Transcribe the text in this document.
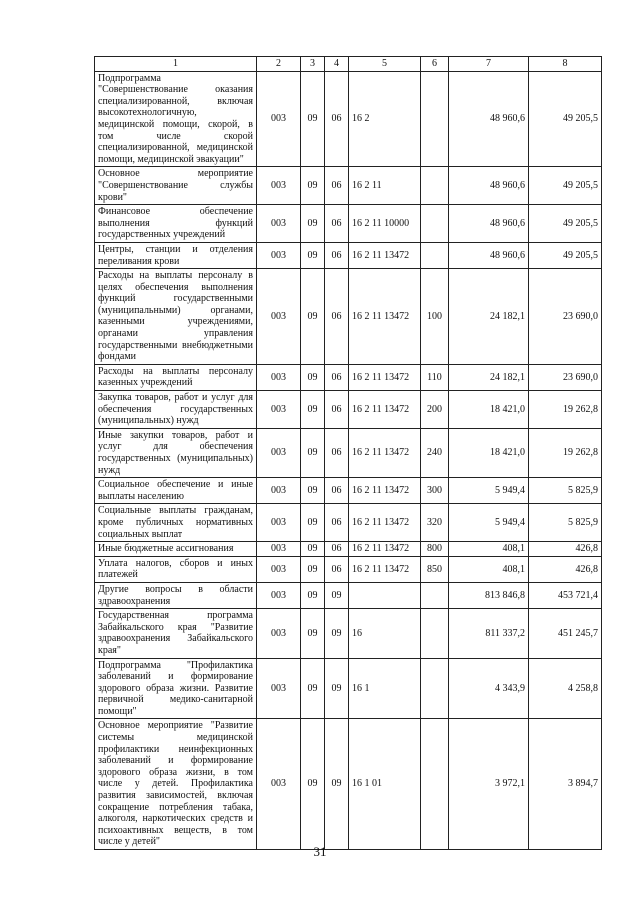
1	2	3	4	5	6	7	8
Подпрограмма "Совершенствование оказания специализированной, включая высокотехнологичную, медицинской помощи, скорой, в том числе скорой специализированной, медицинской помощи, медицинской эвакуации"	003	09	06	16 2		48 960,6	49 205,5
Основное мероприятие "Совершенствование службы крови"	003	09	06	16 2 11		48 960,6	49 205,5
Финансовое обеспечение выполнения функций государственных учреждений	003	09	06	16 2 11 10000		48 960,6	49 205,5
Центры, станции и отделения переливания крови	003	09	06	16 2 11 13472		48 960,6	49 205,5
Расходы на выплаты персоналу в целях обеспечения выполнения функций государственными (муниципальными) органами, казенными учреждениями, органами управления государственными внебюджетными фондами	003	09	06	16 2 11 13472	100	24 182,1	23 690,0
Расходы на выплаты персоналу казенных учреждений	003	09	06	16 2 11 13472	110	24 182,1	23 690,0
Закупка товаров, работ и услуг для обеспечения государственных (муниципальных) нужд	003	09	06	16 2 11 13472	200	18 421,0	19 262,8
Иные закупки товаров, работ и услуг для обеспечения государственных (муниципальных) нужд	003	09	06	16 2 11 13472	240	18 421,0	19 262,8
Социальное обеспечение и иные выплаты населению	003	09	06	16 2 11 13472	300	5 949,4	5 825,9
Социальные выплаты гражданам, кроме публичных нормативных социальных выплат	003	09	06	16 2 11 13472	320	5 949,4	5 825,9
Иные бюджетные ассигнования	003	09	06	16 2 11 13472	800	408,1	426,8
Уплата налогов, сборов и иных платежей	003	09	06	16 2 11 13472	850	408,1	426,8
Другие вопросы в области здравоохранения	003	09	09			813 846,8	453 721,4
Государственная программа Забайкальского края "Развитие здравоохранения Забайкальского края"	003	09	09	16		811 337,2	451 245,7
Подпрограмма "Профилактика заболеваний и формирование здорового образа жизни. Развитие первичной медико-санитарной помощи"	003	09	09	16 1		4 343,9	4 258,8
Основное мероприятие "Развитие системы медицинской профилактики неинфекционных заболеваний и формирование здорового образа жизни, в том числе у детей. Профилактика развития зависимостей, включая сокращение потребления табака, алкоголя, наркотических средств и психоактивных веществ, в том числе у детей"	003	09	09	16 1 01		3 972,1	3 894,7
31
